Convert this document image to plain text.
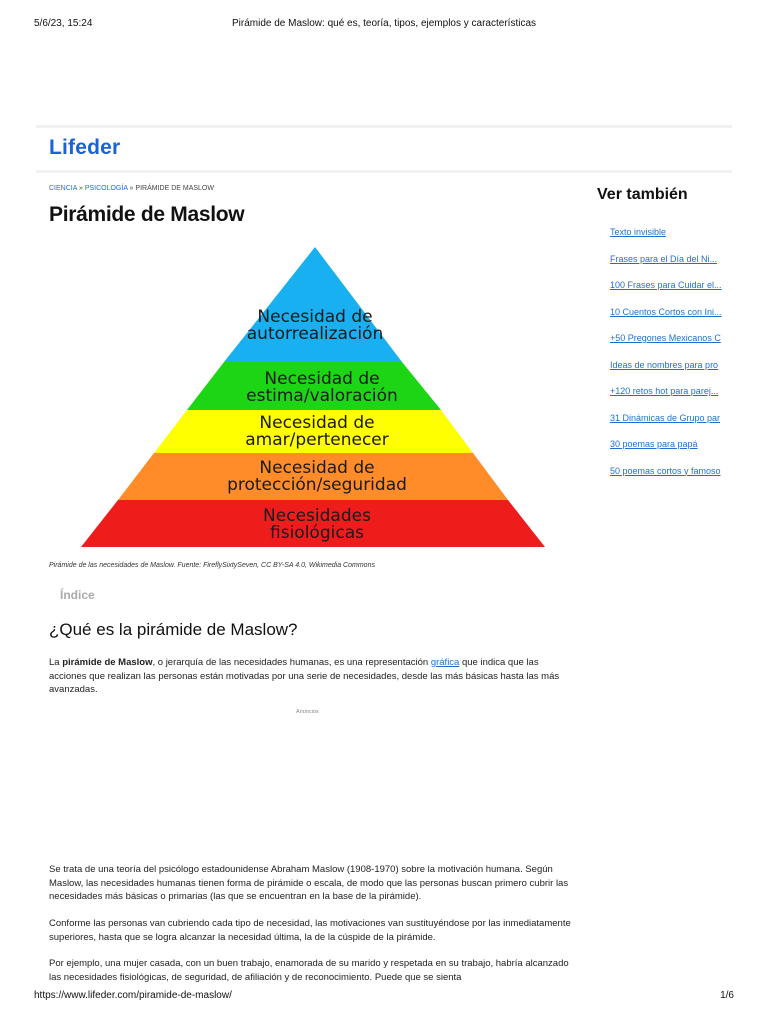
5/6/23, 15:24	Pirámide de Maslow: qué es, teoría, tipos, ejemplos y características
Lifeder
CIENCIA » PSICOLOGÍA » PIRÁMIDE DE MASLOW
Pirámide de Maslow
Necesidad de
autorrealización
Necesidad de
estima/valoración
Necesidad de
amar/pertenecer
Necesidad de
protección/seguridad
Necesidades
fisiológicas
Pirámide de las necesidades de Maslow. Fuente: FireflySixtySeven, CC BY-SA 4.0, Wikimedia Commons
Índice
¿Qué es la pirámide de Maslow?

La pirámide de Maslow, o jerarquía de las necesidades humanas, es una representación gráfica que indica que las acciones que realizan las personas están motivadas por una serie de necesidades, desde las más básicas hasta las más avanzadas.

Anuncios

Se trata de una teoría del psicólogo estadounidense Abraham Maslow (1908-1970) sobre la motivación humana. Según Maslow, las necesidades humanas tienen forma de pirámide o escala, de modo que las personas buscan primero cubrir las necesidades más básicas o primarias (las que se encuentran en la base de la pirámide).

Conforme las personas van cubriendo cada tipo de necesidad, las motivaciones van sustituyéndose por las inmediatamente superiores, hasta que se logra alcanzar la necesidad última, la de la cúspide de la pirámide.

Por ejemplo, una mujer casada, con un buen trabajo, enamorada de su marido y respetada en su trabajo, habría alcanzado las necesidades fisiológicas, de seguridad, de afiliación y de reconocimiento. Puede que se sienta

Ver también
Texto invisible
Frases para el Día del Ni...
100 Frases para Cuidar el...
10 Cuentos Cortos con Ini...
+50 Pregones Mexicanos C
Ideas de nombres para pro
+120 retos hot para parej...
31 Dinámicas de Grupo par
30 poemas para papá
50 poemas cortos y famoso
https://www.lifeder.com/piramide-de-maslow/	1/6
